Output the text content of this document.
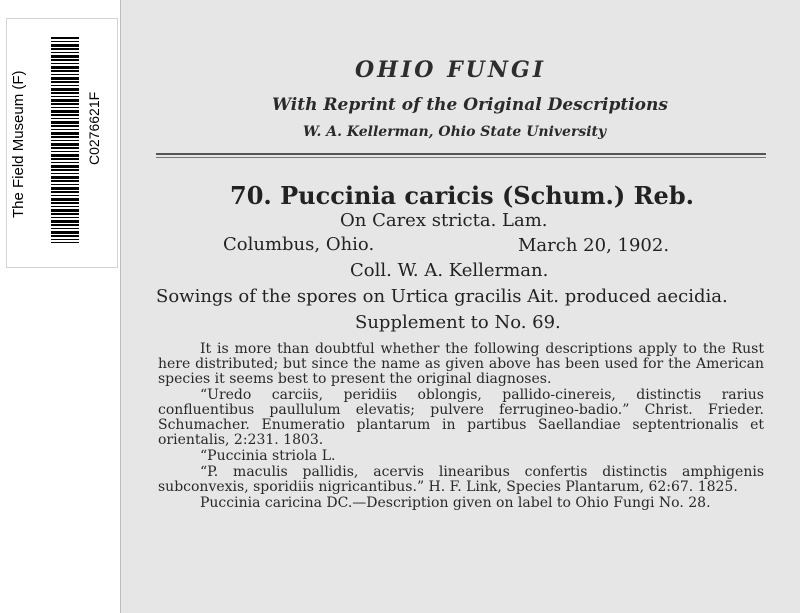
The Field Museum (F)	C0276621F
OHIO FUNGI
With Reprint of the Original Descriptions
W. A. Kellerman, Ohio State University
70. Puccinia caricis (Schum.) Reb.
On Carex stricta. Lam.
Columbus, Ohio.	March 20, 1902.
Coll. W. A. Kellerman.
Sowings of the spores on Urtica gracilis Ait. produced aecidia.
Supplement to No. 69.

It is more than doubtful whether the following descriptions apply to the Rust here distributed; but since the name as given above has been used for the American species it seems best to present the original diagnoses.

“Uredo carciis, peridiis oblongis, pallido-cinereis, distinctis rarius confluentibus paullulum elevatis; pulvere ferrugineo-badio.” Christ. Frieder. Schumacher. Enumeratio plantarum in partibus Saellandiae septentrionalis et orientalis, 2:231. 1803.

“Puccinia striola L.

“P. maculis pallidis, acervis linearibus confertis distinctis amphigenis subconvexis, sporidiis nigricantibus.” H. F. Link, Species Plantarum, 62:67. 1825.

Puccinia caricina DC.—Description given on label to Ohio Fungi No. 28.
